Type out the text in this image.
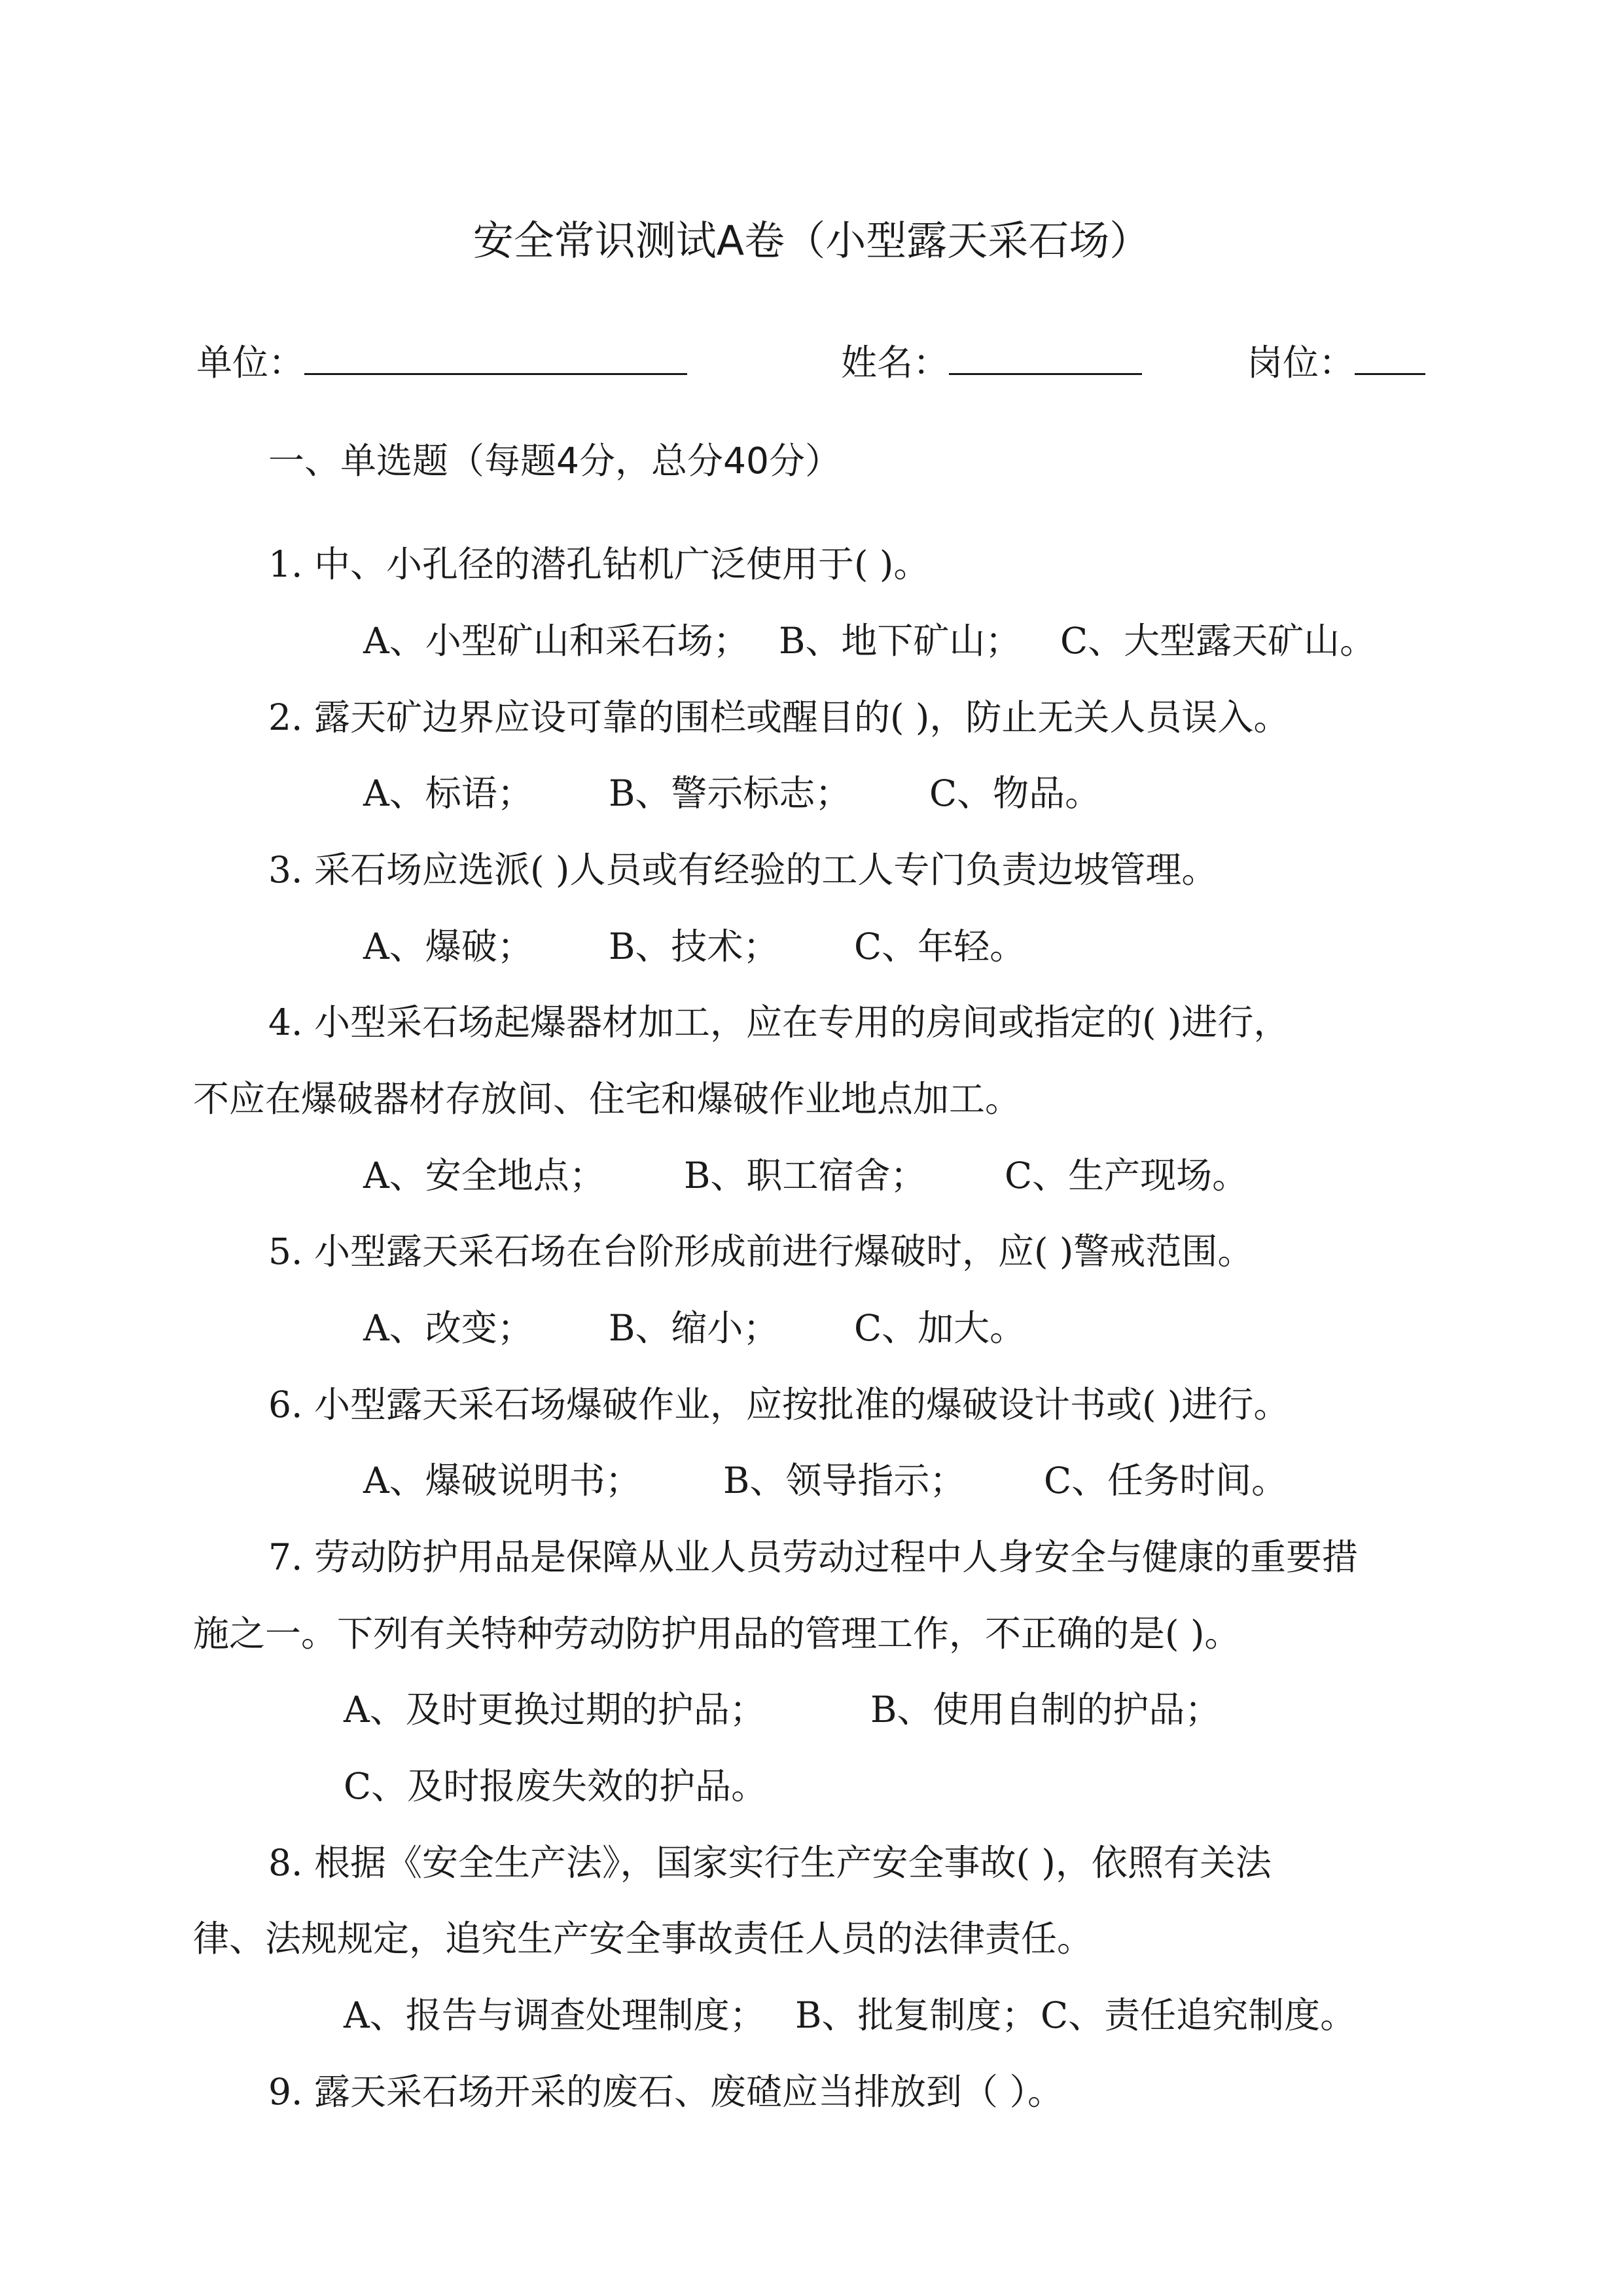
安全常识测试A卷（小型露天采石场）
单位：	姓名：	岗位：
一、单选题（每题4分，总分40分）
1. 中、小孔径的潜孔钻机广泛使用于( )。
A、小型矿山和采石场； B、地下矿山； C、大型露天矿山。
2. 露天矿边界应设可靠的围栏或醒目的( )，防止无关人员误入。
A、标语； B、警示标志； C、物品。
3. 采石场应选派( )人员或有经验的工人专门负责边坡管理。
A、爆破； B、技术； C、年轻。
4. 小型采石场起爆器材加工，应在专用的房间或指定的( )进行，
不应在爆破器材存放间、住宅和爆破作业地点加工。
A、安全地点； B、职工宿舍； C、生产现场。
5. 小型露天采石场在台阶形成前进行爆破时，应( )警戒范围。
A、改变； B、缩小； C、加大。
6. 小型露天采石场爆破作业，应按批准的爆破设计书或( )进行。
A、爆破说明书； B、领导指示； C、任务时间。
7. 劳动防护用品是保障从业人员劳动过程中人身安全与健康的重要措
施之一。下列有关特种劳动防护用品的管理工作，不正确的是( )。
A、及时更换过期的护品；	B、使用自制的护品；
C、及时报废失效的护品。
8. 根据《安全生产法》，国家实行生产安全事故( )，依照有关法
律、法规规定，追究生产安全事故责任人员的法律责任。
A、报告与调查处理制度； B、批复制度； C、责任追究制度。
9. 露天采石场开采的废石、废碴应当排放到（ ）。
